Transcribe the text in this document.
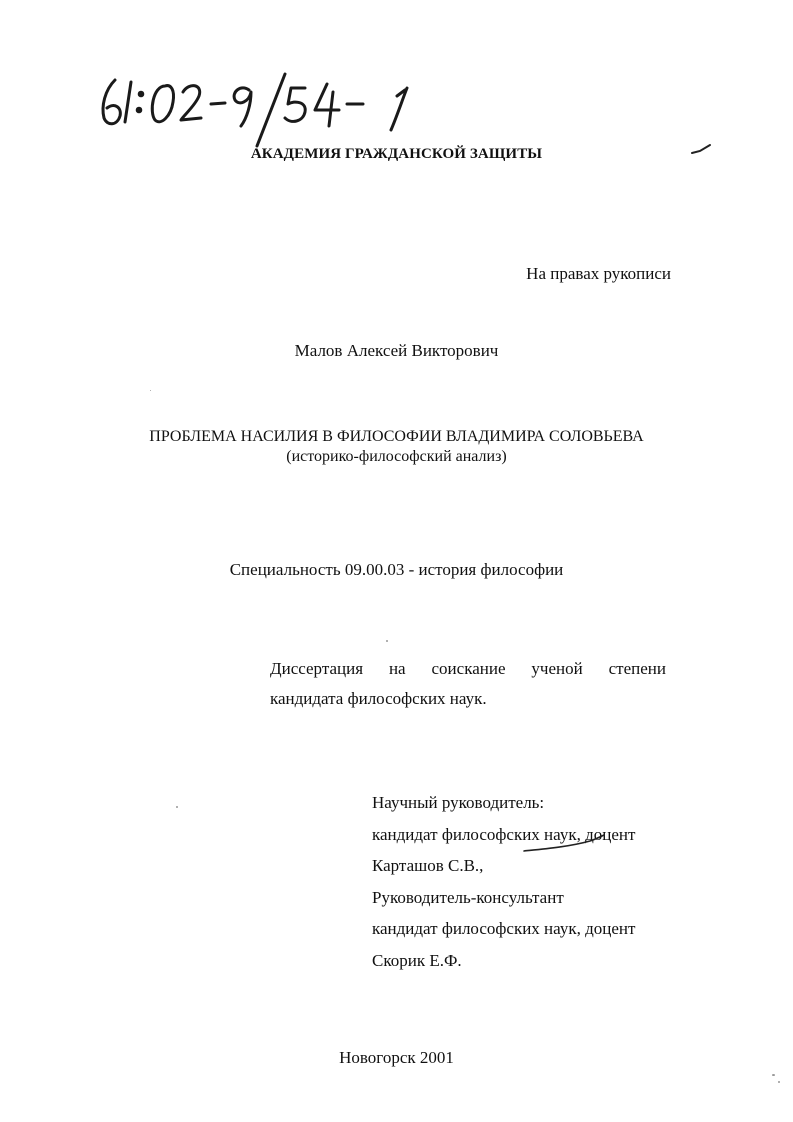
АКАДЕМИЯ ГРАЖДАНСКОЙ ЗАЩИТЫ
На правах рукописи
Малов Алексей Викторович
ПРОБЛЕМА НАСИЛИЯ В ФИЛОСОФИИ ВЛАДИМИРА СОЛОВЬЕВА
(историко-философский анализ)
Специальность 09.00.03 - история философии
Диссертация на соискание ученой степени
кандидата философских наук.
Научный руководитель:
кандидат философских наук, доцент
Карташов С.В.,
Руководитель-консультант
кандидат философских наук, доцент
Скорик Е.Ф.
Новогорск 2001
